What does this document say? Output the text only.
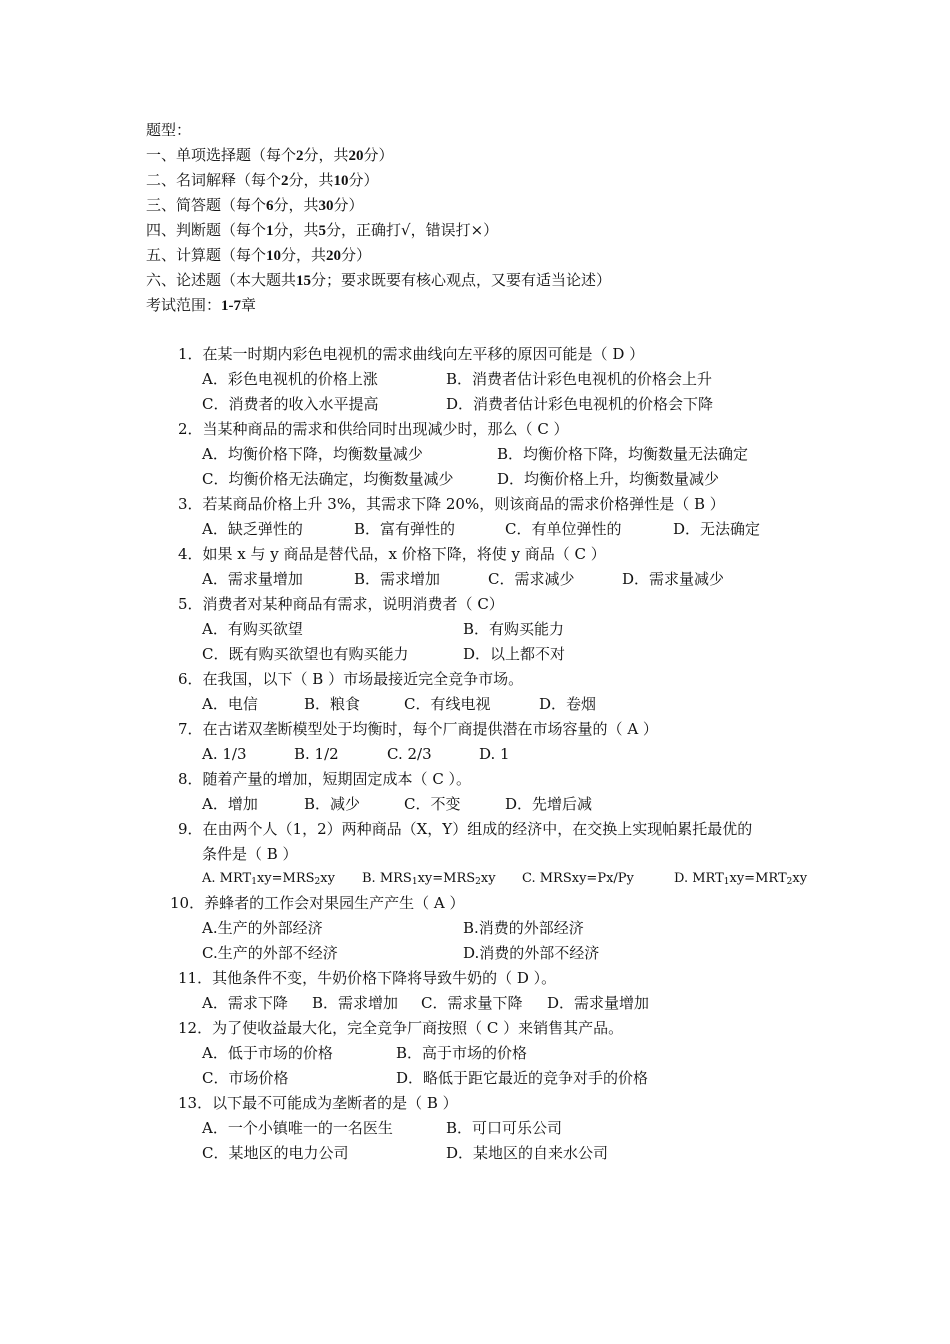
题型：
一、单项选择题（每个2分，共20分）
二、名词解释（每个2分，共10分）
三、简答题（每个6分，共30分）
四、判断题（每个1分，共5分，正确打√，错误打×）
五、计算题（每个10分，共20分）
六、论述题（本大题共15分；要求既要有核心观点，又要有适当论述）
考试范围：1-7章
1．在某一时期内彩色电视机的需求曲线向左平移的原因可能是（ D ）
A．彩色电视机的价格上涨	B．消费者估计彩色电视机的价格会上升
C．消费者的收入水平提高	D．消费者估计彩色电视机的价格会下降
2．当某种商品的需求和供给同时出现减少时，那么（ C ）
A．均衡价格下降，均衡数量减少	B．均衡价格下降，均衡数量无法确定
C．均衡价格无法确定，均衡数量减少	D．均衡价格上升，均衡数量减少
3．若某商品价格上升 3%，其需求下降 20%，则该商品的需求价格弹性是（ B ）
A．缺乏弹性的	B．富有弹性的	C．有单位弹性的	D．无法确定
4．如果 x 与 y 商品是替代品，x 价格下降，将使 y 商品（ C ）
A．需求量增加	B．需求增加	C．需求减少	D．需求量减少
5．消费者对某种商品有需求，说明消费者（ C）
A．有购买欲望	B．有购买能力
C．既有购买欲望也有购买能力	D．以上都不对
6．在我国，以下（ B ）市场最接近完全竞争市场。
A．电信	B．粮食	C．有线电视	D．卷烟
7．在古诺双垄断模型处于均衡时，每个厂商提供潜在市场容量的（ A ）
A. 1/3	B. 1/2	C. 2/3	D. 1
8．随着产量的增加，短期固定成本（ C ）。
A．增加	B．减少	C．不变	D．先增后减
9．在由两个人（1，2）两种商品（X，Y）组成的经济中，在交换上实现帕累托最优的
条件是（ B ）
A. MRT1xy=MRS2xy B. MRS1xy=MRS2xy C. MRSxy=Px/Py	D. MRT1xy=MRT2xy
10．养蜂者的工作会对果园生产产生（ A ）
A.生产的外部经济	B.消费的外部经济
C.生产的外部不经济	D.消费的外部不经济
11．其他条件不变，牛奶价格下降将导致牛奶的（ D ）。
A．需求下降 B．需求增加 C．需求量下降 D．需求量增加
12．为了使收益最大化，完全竞争厂商按照（ C ）来销售其产品。
A．低于市场的价格	B．高于市场的价格
C．市场价格	D．略低于距它最近的竞争对手的价格
13．以下最不可能成为垄断者的是（ B ）
A．一个小镇唯一的一名医生	B．可口可乐公司
C．某地区的电力公司	D．某地区的自来水公司
